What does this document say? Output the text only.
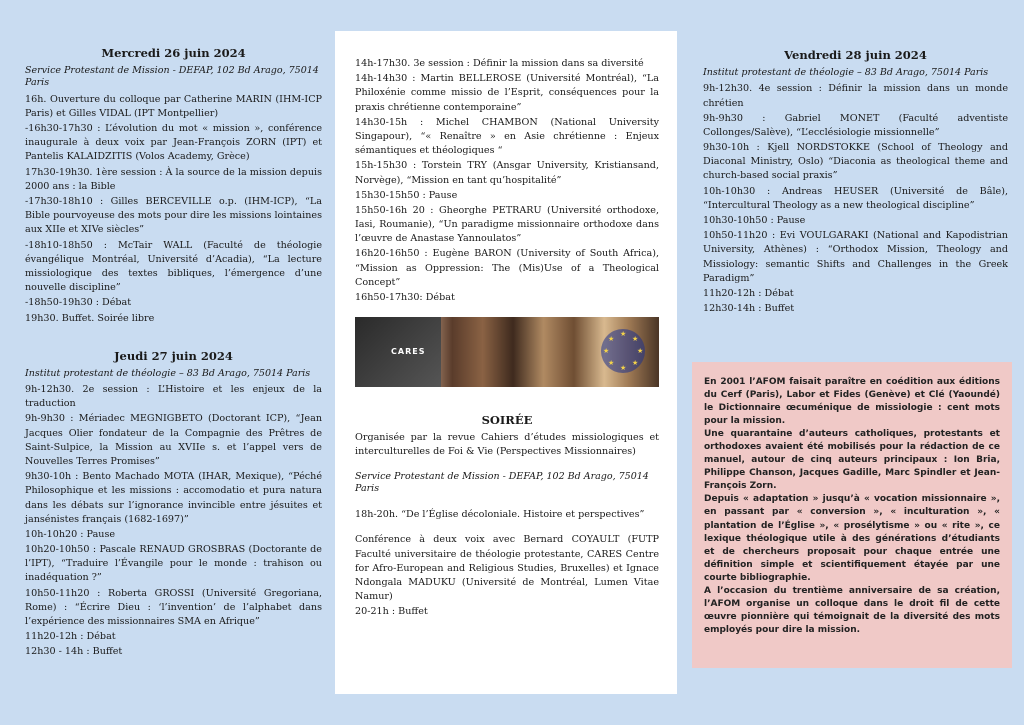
Mercredi 26 juin 2024
Service Protestant de Mission - DEFAP, 102 Bd Arago, 75014 Paris
16h. Ouverture du colloque par Catherine MARIN (IHM-ICP Paris) et Gilles VIDAL (IPT Montpellier)
-16h30-17h30 : L’évolution du mot « mission », conférence inaugurale à deux voix par Jean-François ZORN (IPT) et Pantelis KALAIDZITIS (Volos Academy, Grèce)
17h30-19h30. 1ère session : À la source de la mission depuis 2000 ans : la Bible
-17h30-18h10 : Gilles BERCEVILLE o.p. (IHM-ICP), “La Bible pourvoyeuse des mots pour dire les missions lointaines aux XIIe et XIVe siècles”
-18h10-18h50 : McTair WALL (Faculté de théologie évangélique Montréal, Université d’Acadia), “La lecture missiologique des textes bibliques, l’émergence d’une nouvelle discipline”
-18h50-19h30 : Débat
19h30. Buffet. Soirée libre
Jeudi 27 juin 2024
Institut protestant de théologie – 83 Bd Arago, 75014 Paris
9h-12h30. 2e session : L’Histoire et les enjeux de la traduction
9h-9h30 : Mériadec MEGNIGBETO (Doctorant ICP), “Jean Jacques Olier fondateur de la Compagnie des Prêtres de Saint-Sulpice, la Mission au XVIIe s. et l’appel vers de Nouvelles Terres Promises”
9h30-10h : Bento Machado MOTA (IHAR, Mexique), “Péché Philosophique et les missions : accomodatio et pura natura dans les débats sur l’ignorance invincible entre jésuites et jansénistes français (1682-1697)”
10h-10h20 : Pause
10h20-10h50 : Pascale RENAUD GROSBRAS (Doctorante de l’IPT), “Traduire l’Évangile pour le monde : trahison ou inadéquation ?”
10h50-11h20 : Roberta GROSSI (Université Gregoriana, Rome) : “Écrire Dieu : ‘l’invention’ de l’alphabet dans l’expérience des missionnaires SMA en Afrique”
11h20-12h : Débat
12h30 - 14h : Buffet
14h-17h30. 3e session : Définir la mission dans sa diversité
14h-14h30 : Martin BELLEROSE (Université Montréal), “La Philoxénie comme missio de l’Esprit, conséquences pour la praxis chrétienne contemporaine”
14h30-15h : Michel CHAMBON (National University Singapour), “« Renaître » en Asie chrétienne : Enjeux sémantiques et théologiques “
15h-15h30 : Torstein TRY (Ansgar University, Kristiansand, Norvège), “Mission en tant qu’hospitalité”
15h30-15h50 : Pause
15h50-16h 20 : Gheorghe PETRARU (Université orthodoxe, Iasi, Roumanie), “Un paradigme missionnaire orthodoxe dans l’œuvre de Anastase Yannoulatos”
16h20-16h50 : Eugène BARON (University of South Africa), “Mission as Oppression: The (Mis)Use of a Theological Concept”
16h50-17h30: Débat
CARES
★
★
★
★
★
★
★
★
SOIRÉE
Organisée par la revue Cahiers d’études missiologiques et interculturelles de Foi & Vie (Perspectives Missionnaires)
Service Protestant de Mission - DEFAP, 102 Bd Arago, 75014 Paris
18h-20h. “De l’Église décoloniale. Histoire et perspectives”
Conférence à deux voix avec Bernard COYAULT (FUTP Faculté universitaire de théologie protestante, CARES Centre for Afro-European and Religious Studies, Bruxelles) et Ignace Ndongala MADUKU (Université de Montréal, Lumen Vitae Namur)
20-21h : Buffet
Vendredi 28 juin 2024
Institut protestant de théologie – 83 Bd Arago, 75014 Paris
9h-12h30. 4e session : Définir la mission dans un monde chrétien
9h-9h30 : Gabriel MONET (Faculté adventiste Collonges/Salève), “L’ecclésiologie missionnelle”
9h30-10h : Kjell NORDSTOKKE (School of Theology and Diaconal Ministry, Oslo) “Diaconia as theological theme and church-based social praxis”
10h-10h30 : Andreas HEUSER (Université de Bâle), “Intercultural Theology as a new theological discipline”
10h30-10h50 : Pause
10h50-11h20 : Evi VOULGARAKI (National and Kapodistrian University, Athènes) : “Orthodox Mission, Theology and Missiology: semantic Shifts and Challenges in the Greek Paradigm”
11h20-12h : Débat
12h30-14h : Buffet

En 2001 l’AFOM faisait paraître en coédition aux éditions du Cerf (Paris), Labor et Fides (Genève) et Clé (Yaoundé) le Dictionnaire œcuménique de missiologie : cent mots pour la mission.

Une quarantaine d’auteurs catholiques, protestants et orthodoxes avaient été mobilisés pour la rédaction de ce manuel, autour de cinq auteurs principaux : Ion Bria, Philippe Chanson, Jacques Gadille, Marc Spindler et Jean-François Zorn.

Depuis « adaptation » jusqu’à « vocation missionnaire », en passant par « conversion », « inculturation », « plantation de l’Église », « prosélytisme » ou « rite », ce lexique théologique utile à des générations d’étudiants et de chercheurs proposait pour chaque entrée une définition simple et scientifiquement étayée par une courte bibliographie.

A l’occasion du trentième anniversaire de sa création, l’AFOM organise un colloque dans le droit fil de cette œuvre pionnière qui témoignait de la diversité des mots employés pour dire la mission.
